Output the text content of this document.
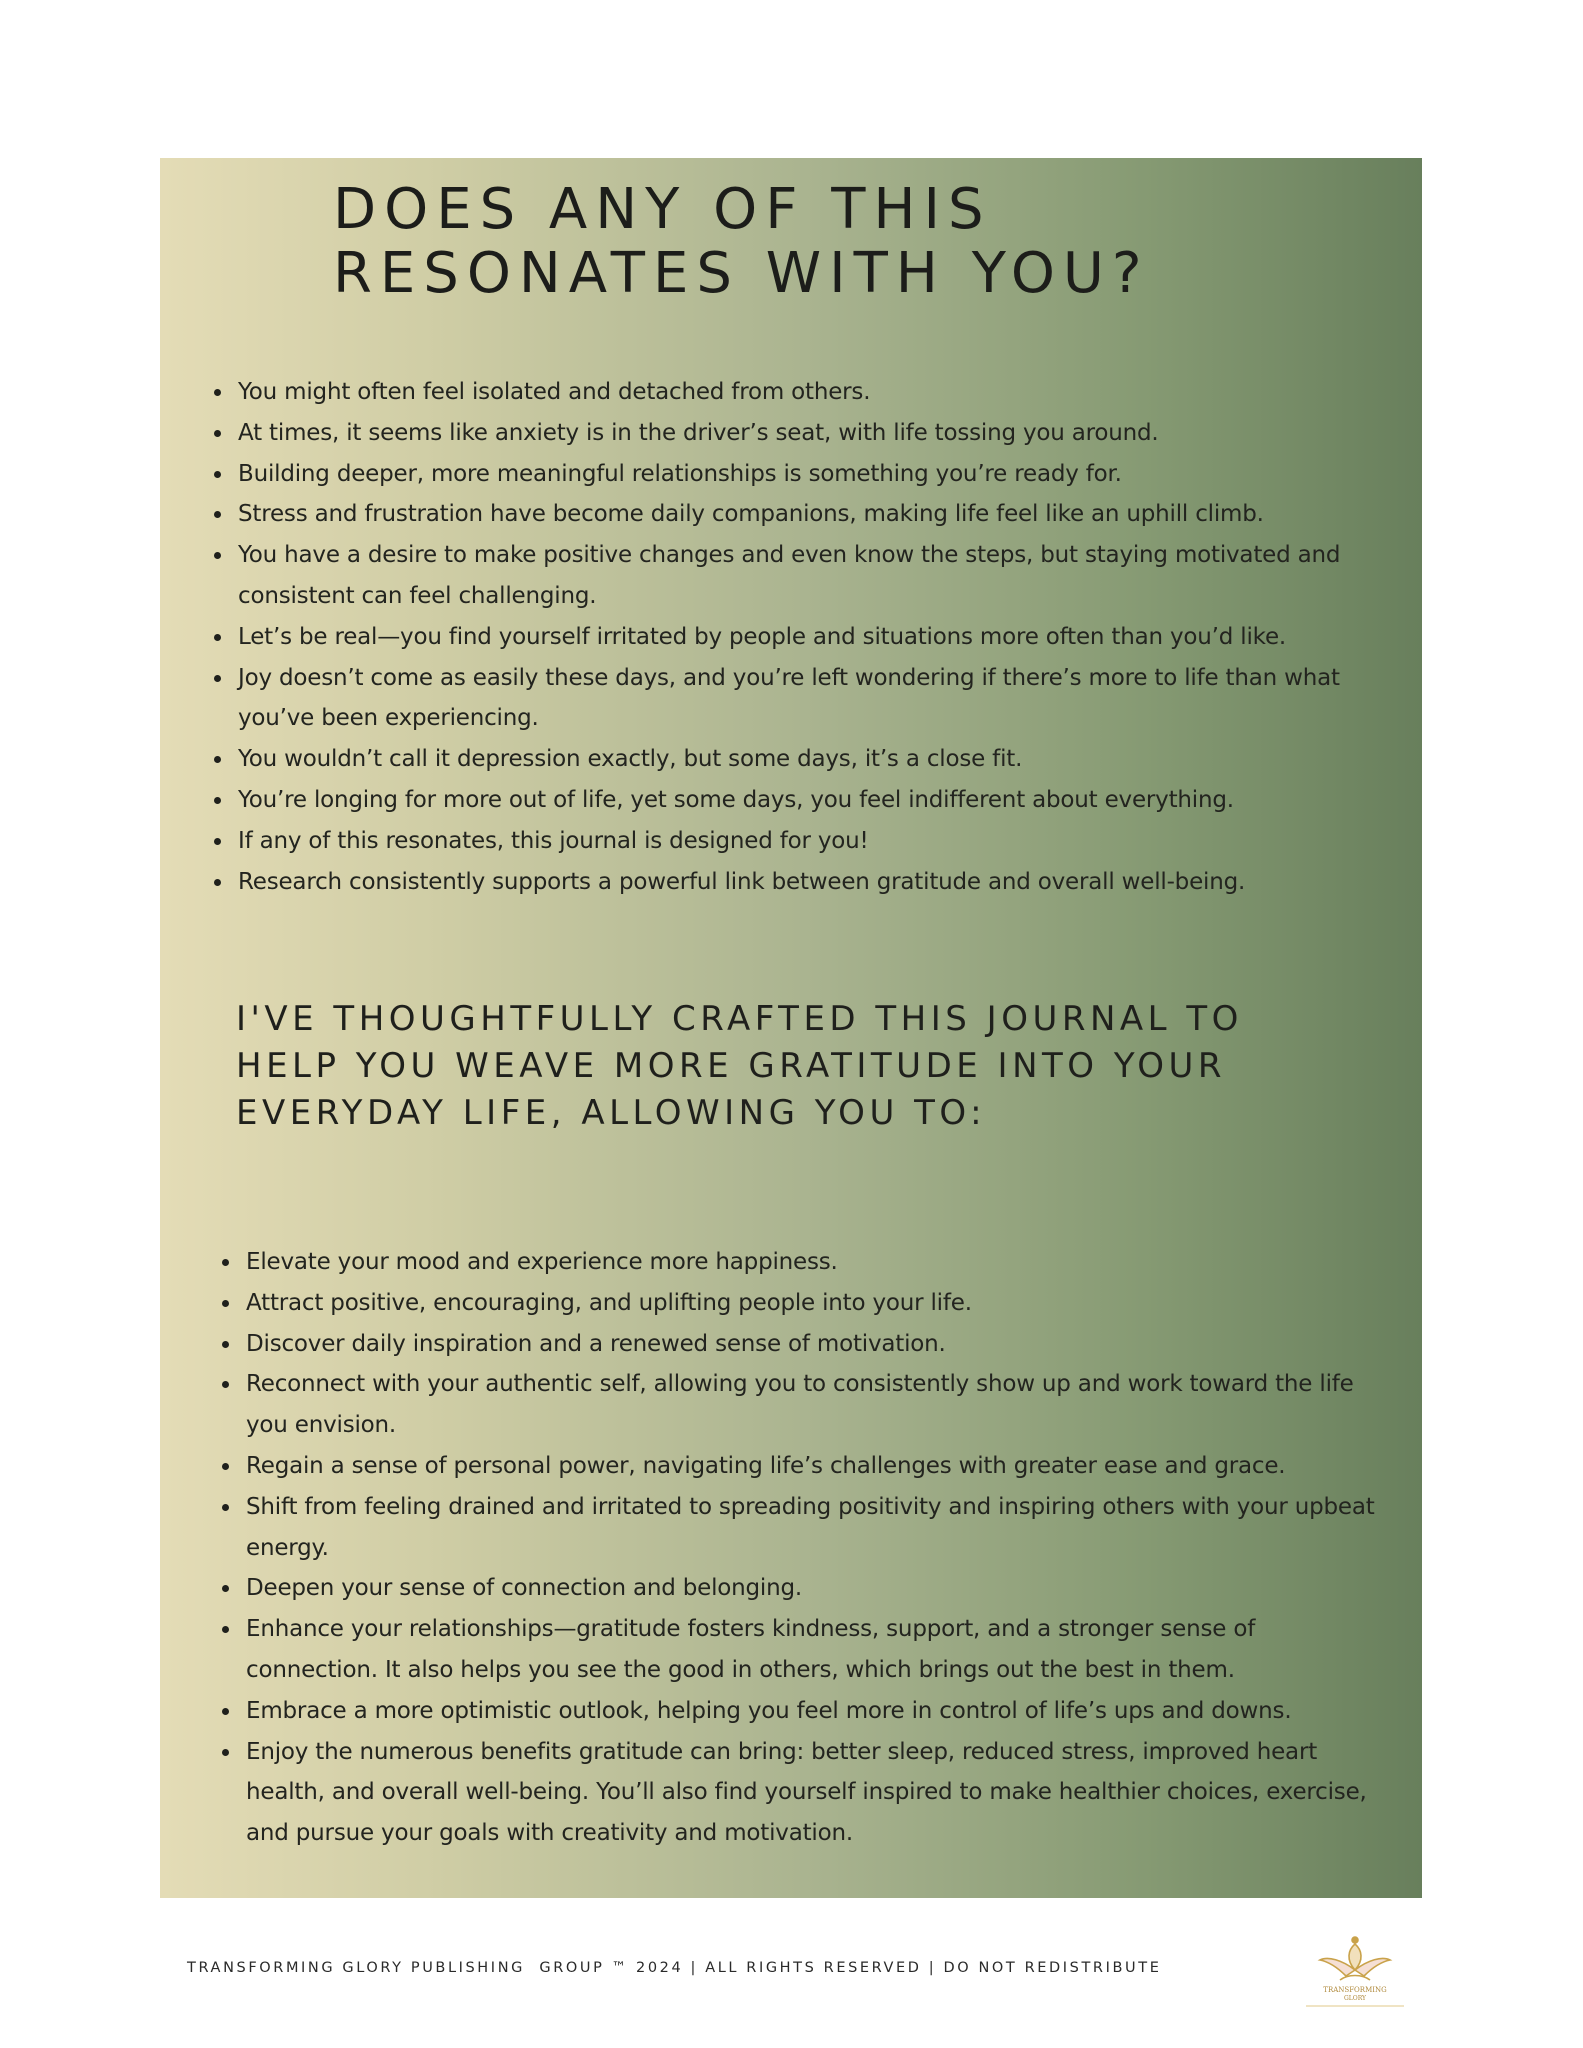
DOES ANY OF THIS
RESONATES WITH YOU?
You might often feel isolated and detached from others.
At times, it seems like anxiety is in the driver’s seat, with life tossing you around.
Building deeper, more meaningful relationships is something you’re ready for.
Stress and frustration have become daily companions, making life feel like an uphill climb.
You have a desire to make positive changes and even know the steps, but staying motivated and consistent can feel challenging.
Let’s be real—you find yourself irritated by people and situations more often than you’d like.
Joy doesn’t come as easily these days, and you’re left wondering if there’s more to life than what you’ve been experiencing.
You wouldn’t call it depression exactly, but some days, it’s a close fit.
You’re longing for more out of life, yet some days, you feel indifferent about everything.
If any of this resonates, this journal is designed for you!
Research consistently supports a powerful link between gratitude and overall well-being.
I'VE THOUGHTFULLY CRAFTED THIS JOURNAL TO
HELP YOU WEAVE MORE GRATITUDE INTO YOUR
EVERYDAY LIFE, ALLOWING YOU TO:
Elevate your mood and experience more happiness.
Attract positive, encouraging, and uplifting people into your life.
Discover daily inspiration and a renewed sense of motivation.
Reconnect with your authentic self, allowing you to consistently show up and work toward the life you envision.
Regain a sense of personal power, navigating life’s challenges with greater ease and grace.
Shift from feeling drained and irritated to spreading positivity and inspiring others with your upbeat energy.
Deepen your sense of connection and belonging.
Enhance your relationships—gratitude fosters kindness, support, and a stronger sense of connection. It also helps you see the good in others, which brings out the best in them.
Embrace a more optimistic outlook, helping you feel more in control of life’s ups and downs.
Enjoy the numerous benefits gratitude can bring: better sleep, reduced stress, improved heart health, and overall well-being. You’ll also find yourself inspired to make healthier choices, exercise, and pursue your goals with creativity and motivation.
TRANSFORMING GLORY PUBLISHING  GROUP ™ 2024 | ALL RIGHTS RESERVED | DO NOT REDISTRIBUTE
TRANSFORMING
GLORY
